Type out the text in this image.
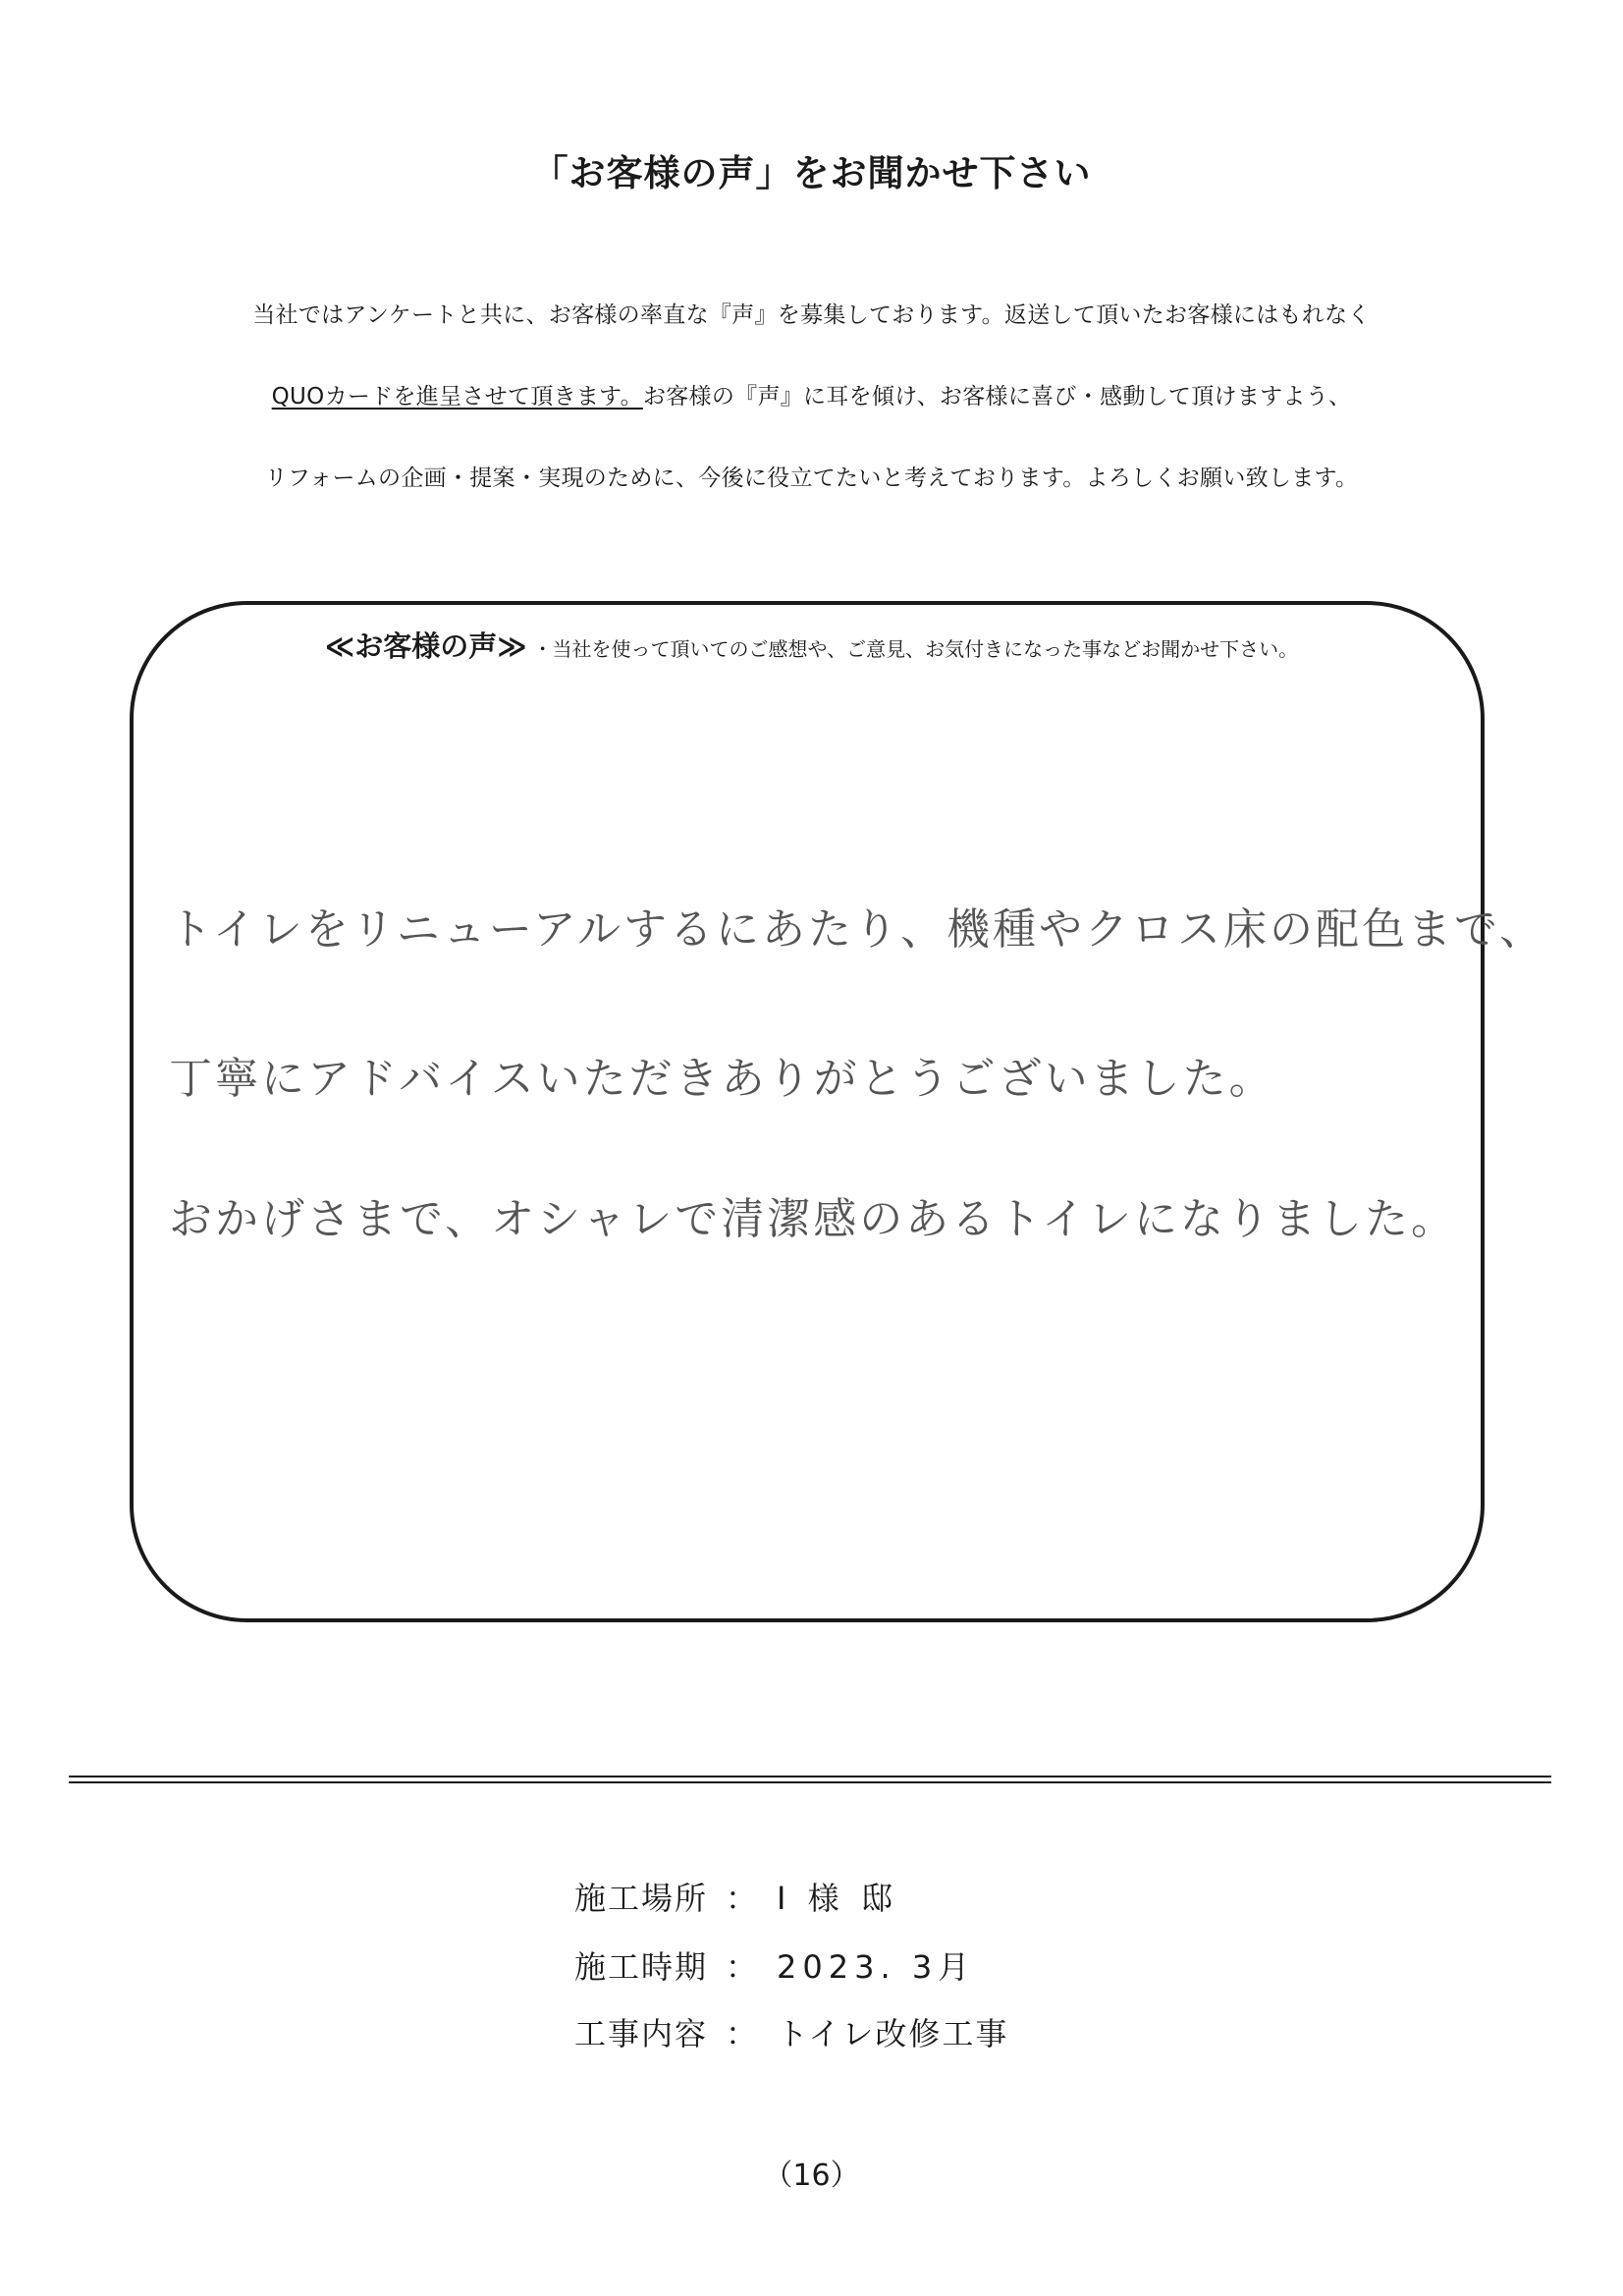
「お客様の声」をお聞かせ下さい
当社ではアンケートと共に、お客様の率直な『声』を募集しております。返送して頂いたお客様にはもれなく
QUOカードを進呈させて頂きます。お客様の『声』に耳を傾け、お客様に喜び・感動して頂けますよう、
リフォームの企画・提案・実現のために、今後に役立てたいと考えております。よろしくお願い致します。
≪お客様の声≫ ・当社を使って頂いてのご感想や、ご意見、お気付きになった事などお聞かせ下さい。
トイレをリニューアルするにあたり、機種やクロス床の配色まで、
丁寧にアドバイスいただきありがとうございました。
おかげさまで、オシャレで清潔感のあるトイレになりました。
施工場所 ： I 様 邸
施工時期 ： 2023. 3月
工事内容 ： トイレ改修工事
（16）
